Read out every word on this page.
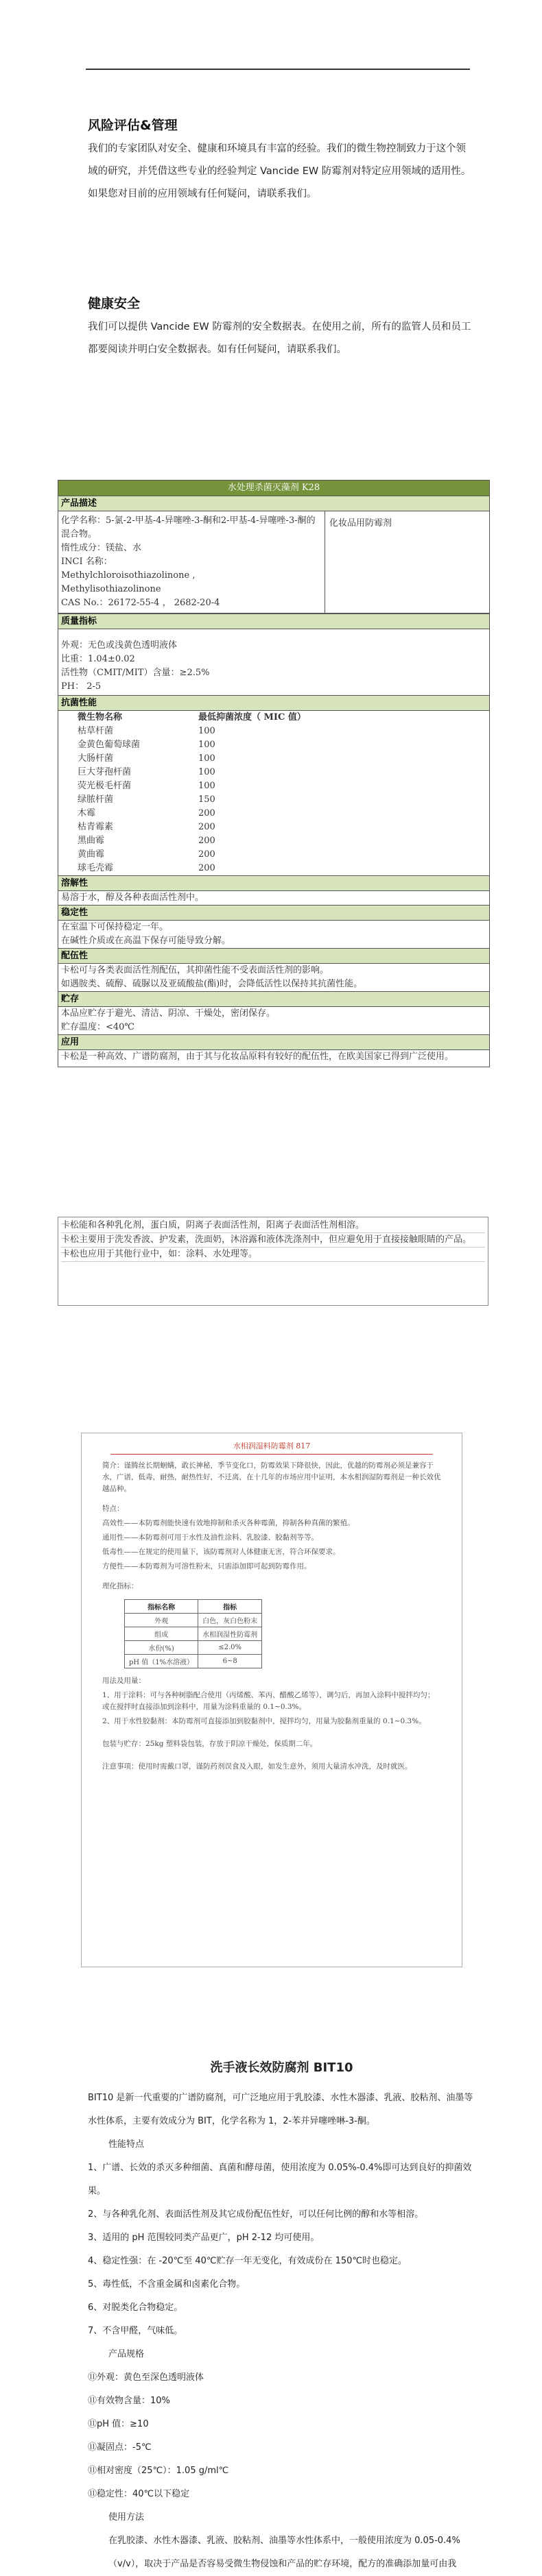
风险评估&管理

我们的专家团队对安全、健康和环境具有丰富的经验。我们的微生物控制致力于这个领域的研究，并凭借这些专业的经验判定 Vancide EW 防霉剂对特定应用领域的适用性。

如果您对目前的应用领域有任何疑问，请联系我们。

健康安全

我们可以提供 Vancide EW 防霉剂的安全数据表。在使用之前，所有的监管人员和员工都要阅读并明白安全数据表。如有任何疑问，请联系我们。

水处理杀菌灭藻剂 K28
产品描述
化学名称：5-氯-2-甲基-4-异噻唑-3-酮和2-甲基-4-异噻唑-3-酮的混合物。
惰性成分：镁盐、水
INCI 名称：
Methylchloroisothiazolinone ,
Methylisothiazolinone
CAS No.：26172-55-4 ， 2682-20-4
化妆品用防霉剂
质量指标
外观：无色或浅黄色透明液体
比重：1.04±0.02
活性物（CMIT/MIT）含量：≥2.5%
PH： 2-5
抗菌性能
微生物名称	最低抑菌浓度（ MIC 值）
枯草杆菌	100
金黄色葡萄球菌	100
大肠杆菌	100
巨大芽孢杆菌	100
荧光极毛杆菌	100
绿脓杆菌	150
木霉	200
枯青霉素	200
黑曲霉	200
黄曲霉	200
球毛壳霉	200
溶解性
易溶于水，醇及各种表面活性剂中。
稳定性
在室温下可保持稳定一年。
在碱性介质或在高温下保存可能导致分解。
配伍性
卡松可与各类表面活性剂配伍，其抑菌性能不受表面活性剂的影响。
如遇胺类、硫醇、硫脲以及亚硫酸盐(酯)时，会降低活性以保持其抗菌性能。
贮存
本品应贮存于避光、清洁、阴凉、干燥处，密闭保存。
贮存温度：<40℃
应用
卡松是一种高效、广谱防腐剂，由于其与化妆品原料有较好的配伍性，在欧美国家已得到广泛使用。
卡松能和各种乳化剂，蛋白质，阴离子表面活性剂，阳离子表面活性剂相溶。
卡松主要用于洗发香波、护发素，洗面奶，沐浴露和液体洗涤剂中，但应避免用于直接接触眼睛的产品。
卡松也应用于其他行业中，如：涂料、水处理等。
水相润湿料防霉剂 817
简介：谨腾丝长期蛔螨，敢长神秘，季节变化口，防霉效果下降很快，因此，优越的防霉剂必须是兼容于水，广谱，低毒，耐热，耐热性好，不迁离，在十几年的市场应用中证明，本水相润湿防霉剂是一种长效优越品种。
特点：
高效性——本防霉剂能快速有效地抑制和杀灭各种霉菌，抑制各种真菌的繁殖。
通用性——本防霉剂可用于水性及油性涂料、乳胶漆、胶黏剂等等。
低毒性——在规定的使用量下，该防霉剂对人体健康无害，符合环保要求。
方便性——本防霉剂为可溶性粉末，只需添加即可起到防霉作用。
理化指标：
指标名称	指标
外观	白色，灰白色粉末
组成	水相润湿性防霉剂
水份(%)	≤2.0%
pH 值（1%水溶液）	6~8
用法及用量：
1、用于涂料：可与各种树脂配合使用（丙烯酸、苯丙、醋酸乙烯等），调匀后，再加入涂料中搅拌均匀；或在搅拌时直接添加到涂料中，用量为涂料重量的 0.1~0.3%。
2、用于水性胶黏剂：本防霉剂可直接添加到胶黏剂中，搅拌均匀，用量为胶黏剂重量的 0.1~0.3%。
包装与贮存：25kg 塑料袋包装，存放于阴凉干燥处，保质期二年。
注意事项：使用时需戴口罩，谨防药剂误食及入眼，如发生意外，须用大量清水冲洗，及时就医。

洗手液长效防腐剂 BIT10

BIT10 是新一代重要的广谱防腐剂，可广泛地应用于乳胶漆、水性木器漆、乳液、胶粘剂、油墨等水性体系，主要有效成分为 BIT，化学名称为 1，2-苯并异噻唑啉-3-酮。

性能特点

1、广谱、长效的杀灭多种细菌、真菌和酵母菌，使用浓度为 0.05%-0.4%即可达到良好的抑菌效果。

2、与各种乳化剂、表面活性剂及其它成份配伍性好，可以任何比例的醇和水等相溶。

3、适用的 pH 范围较同类产品更广，pH 2-12 均可使用。

4、稳定性强：在 -20℃至 40℃贮存一年无变化，有效成份在 150℃时也稳定。

5、毒性低，不含重金属和卤素化合物。

6、对脱类化合物稳定。

7、不含甲醛，气味低。

产品规格

⑪外观：黄色至深色透明液体

⑪有效物含量：10%

⑪pH 值：≥10

⑪凝固点：-5℃

⑪相对密度（25℃）：1.05 g/ml℃

⑪稳定性：40℃以下稳定

使用方法

在乳胶漆、水性木器漆、乳液、胶粘剂、油墨等水性体系中，一般使用浓度为 0.05-0.4%（v/v），取决于产品是否容易受微生物侵蚀和产品的贮存环境，配方的准确添加量可由我
